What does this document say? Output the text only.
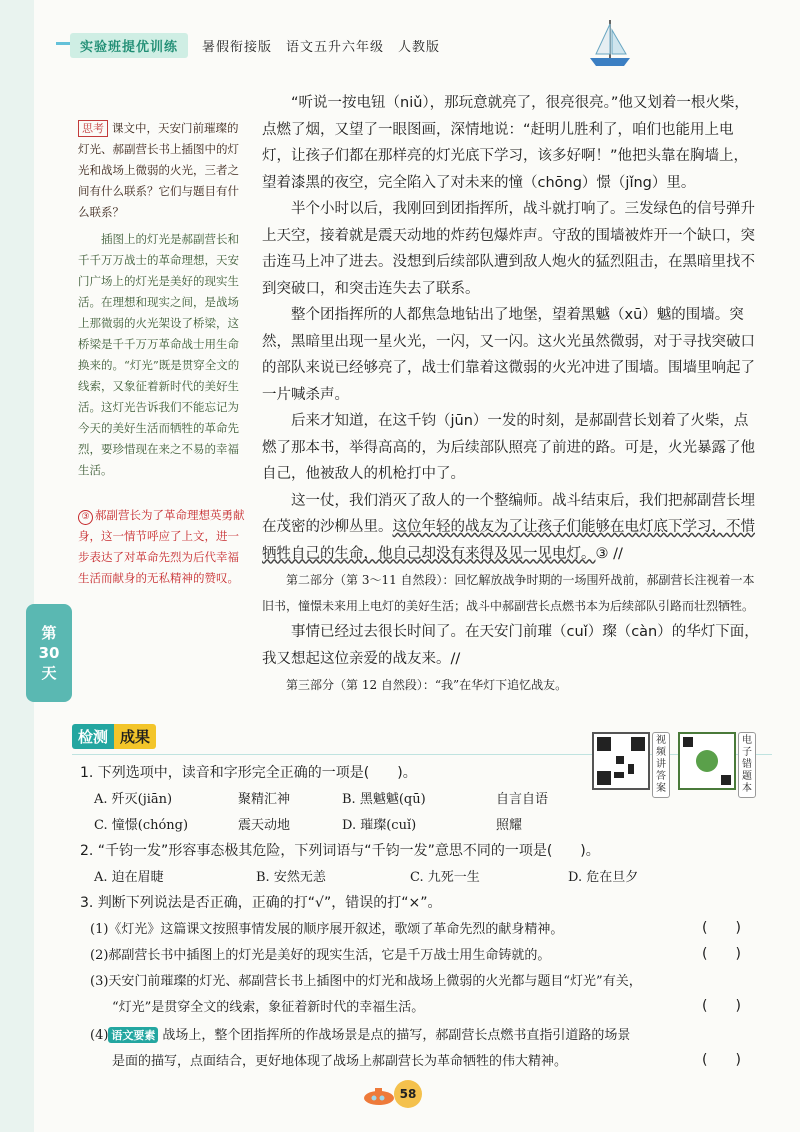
实验班提优训练	暑假衔接版　语文五升六年级　人教版
思考 课文中，天安门前璀璨的灯光、郝副营长书上插图中的灯光和战场上微弱的火光，三者之间有什么联系？它们与题目有什么联系？
插图上的灯光是郝副营长和千千万万战士的革命理想，天安门广场上的灯光是美好的现实生活。在理想和现实之间，是战场上那微弱的火光架设了桥梁，这桥梁是千千万万革命战士用生命换来的。“灯光”既是贯穿全文的线索，又象征着新时代的美好生活。这灯光告诉我们不能忘记为今天的美好生活而牺牲的革命先烈，要珍惜现在来之不易的幸福生活。
③ 郝副营长为了革命理想英勇献身，这一情节呼应了上文，进一步表达了对革命先烈为后代幸福生活而献身的无私精神的赞叹。
第
30
天

“听说一按电钮（niǔ），那玩意就亮了，很亮很亮。”他又划着一根火柴，点燃了烟，又望了一眼图画，深情地说：“赶明儿胜利了，咱们也能用上电灯，让孩子们都在那样亮的灯光底下学习，该多好啊！”他把头靠在胸墙上，望着漆黑的夜空，完全陷入了对未来的憧（chōng）憬（jǐng）里。

半个小时以后，我刚回到团指挥所，战斗就打响了。三发绿色的信号弹升上天空，接着就是震天动地的炸药包爆炸声。守敌的围墙被炸开一个缺口，突击连马上冲了进去。没想到后续部队遭到敌人炮火的猛烈阻击，在黑暗里找不到突破口，和突击连失去了联系。

整个团指挥所的人都焦急地钻出了地堡，望着黑魆（xū）魆的围墙。突然，黑暗里出现一星火光，一闪，又一闪。这火光虽然微弱，对于寻找突破口的部队来说已经够亮了，战士们靠着这微弱的火光冲进了围墙。围墙里响起了一片喊杀声。

后来才知道，在这千钧（jūn）一发的时刻，是郝副营长划着了火柴，点燃了那本书，举得高高的，为后续部队照亮了前进的路。可是，火光暴露了他自己，他被敌人的机枪打中了。

这一仗，我们消灭了敌人的一个整编师。战斗结束后，我们把郝副营长埋在茂密的沙柳丛里。这位年轻的战友为了让孩子们能够在电灯底下学习，不惜牺牲自己的生命，他自己却没有来得及见一见电灯。③ //

第二部分（第 3～11 自然段）：回忆解放战争时期的一场围歼战前，郝副营长注视着一本旧书，憧憬未来用上电灯的美好生活；战斗中郝副营长点燃书本为后续部队引路而壮烈牺牲。

事情已经过去很长时间了。在天安门前璀（cuǐ）璨（càn）的华灯下面，我又想起这位亲爱的战友来。//

第三部分（第 12 自然段）：“我”在华灯下追忆战友。

检测 成果	视频讲答案
电子错题本
1. 下列选项中，读音和字形完全正确的一项是(　　)。
A. 歼灭(jiān)	聚精汇神	B. 黑魆魆(qū)	自言自语
C. 憧憬(chóng)	震天动地	D. 璀璨(cuǐ)	照耀
2. “千钧一发”形容事态极其危险，下列词语与“千钧一发”意思不同的一项是(　　)。
A. 迫在眉睫	B. 安然无恙	C. 九死一生	D. 危在旦夕
3. 判断下列说法是否正确，正确的打“√”，错误的打“×”。
(1)《灯光》这篇课文按照事情发展的顺序展开叙述，歌颂了革命先烈的献身精神。	(　　)
(2)郝副营长书中插图上的灯光是美好的现实生活，它是千万战士用生命铸就的。	(　　)
(3)天安门前璀璨的灯光、郝副营长书上插图中的灯光和战场上微弱的火光都与题目“灯光”有关，
“灯光”是贯穿全文的线索，象征着新时代的幸福生活。	(　　)
(4) 语文要素 战场上，整个团指挥所的作战场景是点的描写，郝副营长点燃书直指引道路的场景
是面的描写，点面结合，更好地体现了战场上郝副营长为革命牺牲的伟大精神。	(　　)
58
